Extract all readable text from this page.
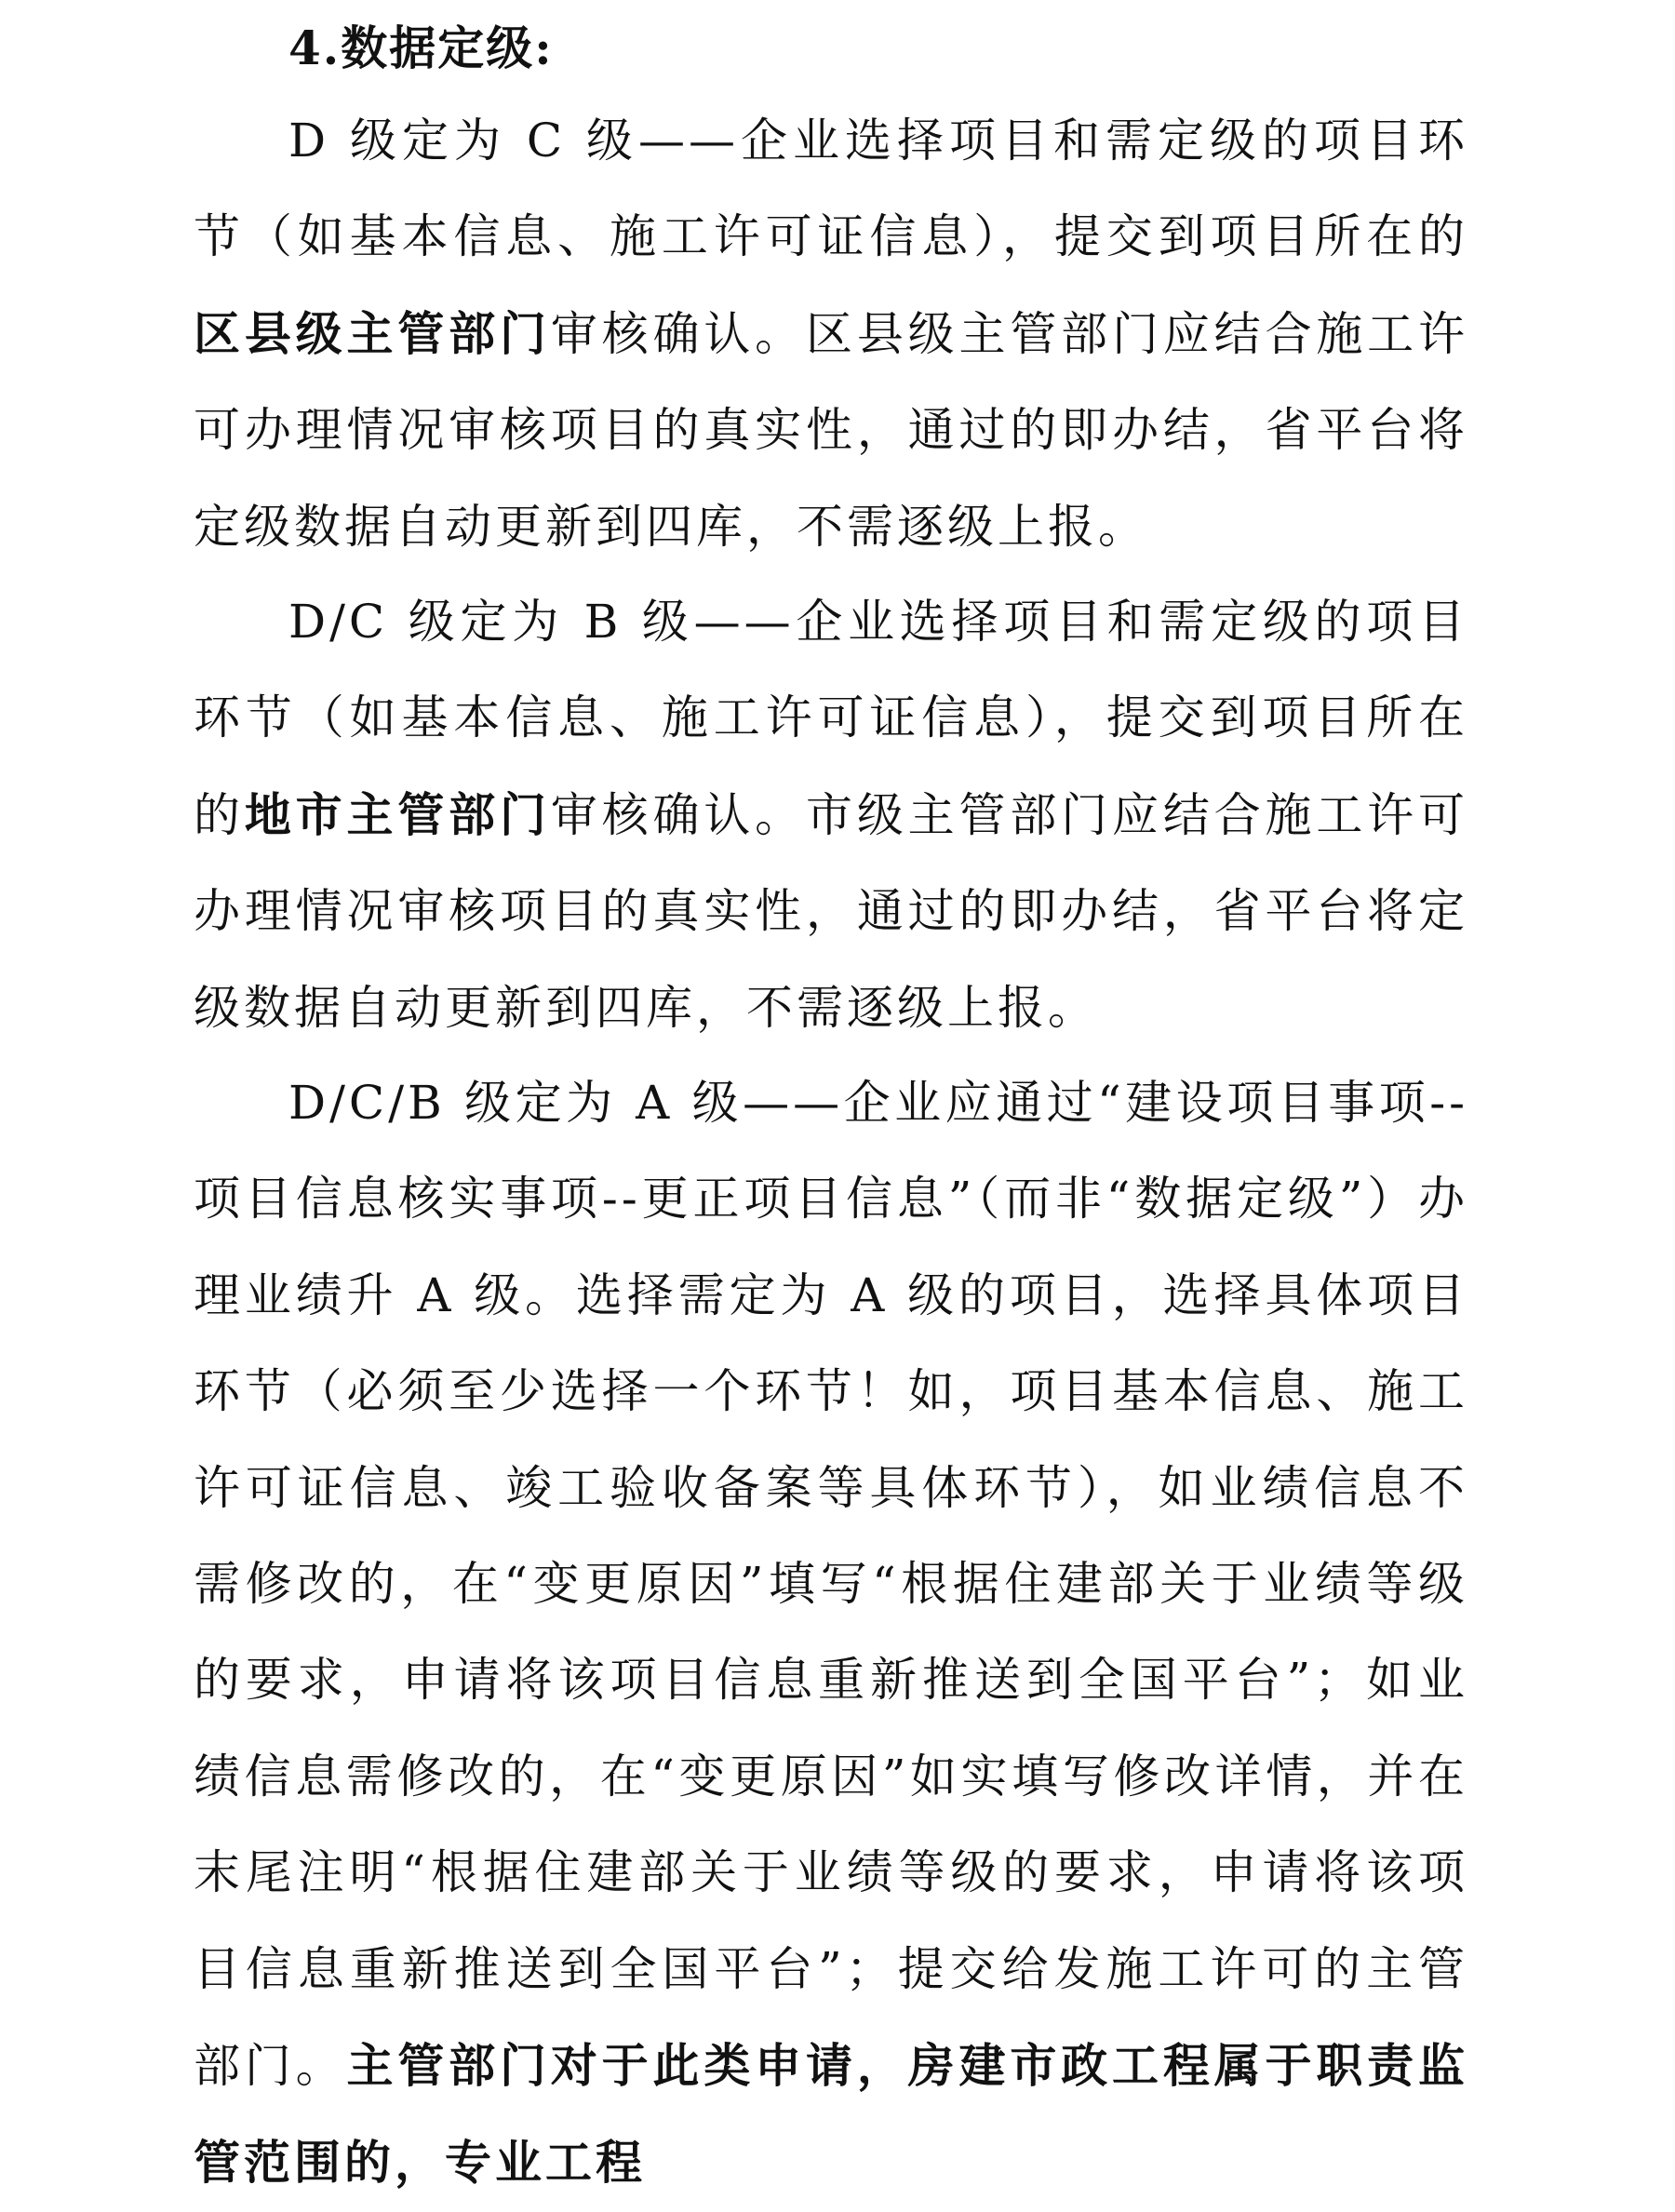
4.数据定级:

D 级定为 C 级——企业选择项目和需定级的项目环节（如基本信息、施工许可证信息），提交到项目所在的区县级主管部门审核确认。区县级主管部门应结合施工许可办理情况审核项目的真实性，通过的即办结，省平台将定级数据自动更新到四库，不需逐级上报。

D/C 级定为 B 级——企业选择项目和需定级的项目环节（如基本信息、施工许可证信息），提交到项目所在的地市主管部门审核确认。市级主管部门应结合施工许可办理情况审核项目的真实性，通过的即办结，省平台将定级数据自动更新到四库，不需逐级上报。

D/C/B 级定为 A 级——企业应通过“建设项目事项--项目信息核实事项--更正项目信息”（而非“数据定级”）办理业绩升 A 级。选择需定为 A 级的项目，选择具体项目环节（必须至少选择一个环节！如，项目基本信息、施工许可证信息、竣工验收备案等具体环节），如业绩信息不需修改的，在“变更原因”填写“根据住建部关于业绩等级的要求，申请将该项目信息重新推送到全国平台”；如业绩信息需修改的，在“变更原因”如实填写修改详情，并在末尾注明“根据住建部关于业绩等级的要求，申请将该项目信息重新推送到全国平台”；提交给发施工许可的主管部门。主管部门对于此类申请，房建市政工程属于职责监管范围的，专业工程
